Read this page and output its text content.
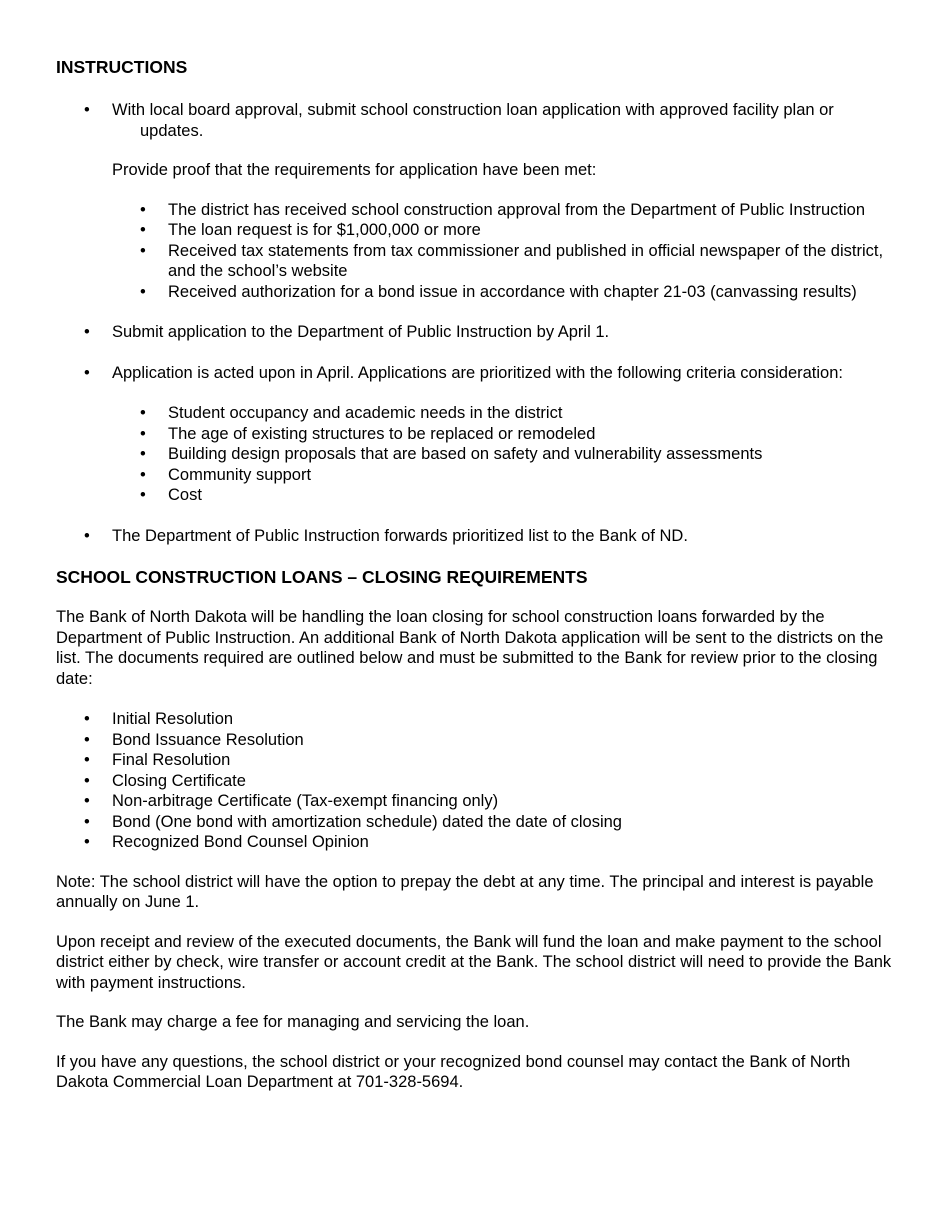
INSTRUCTIONS
With local board approval, submit school construction loan application with approved facility plan or updates.

Provide proof that the requirements for application have been met:

• The district has received school construction approval from the Department of Public Instruction
• The loan request is for $1,000,000 or more
• Received tax statements from tax commissioner and published in official newspaper of the district, and the school’s website
• Received authorization for a bond issue in accordance with chapter 21-03 (canvassing results)
Submit application to the Department of Public Instruction by April 1.
Application is acted upon in April. Applications are prioritized with the following criteria consideration:
• Student occupancy and academic needs in the district
• The age of existing structures to be replaced or remodeled
• Building design proposals that are based on safety and vulnerability assessments
• Community support
• Cost
The Department of Public Instruction forwards prioritized list to the Bank of ND.
SCHOOL CONSTRUCTION LOANS – CLOSING REQUIREMENTS

The Bank of North Dakota will be handling the loan closing for school construction loans forwarded by the Department of Public Instruction. An additional Bank of North Dakota application will be sent to the districts on the list. The documents required are outlined below and must be submitted to the Bank for review prior to the closing date:

Initial Resolution
Bond Issuance Resolution
Final Resolution
Closing Certificate
Non-arbitrage Certificate (Tax-exempt financing only)
Bond (One bond with amortization schedule) dated the date of closing
Recognized Bond Counsel Opinion

Note: The school district will have the option to prepay the debt at any time. The principal and interest is payable annually on June 1.

Upon receipt and review of the executed documents, the Bank will fund the loan and make payment to the school district either by check, wire transfer or account credit at the Bank. The school district will need to provide the Bank with payment instructions.

The Bank may charge a fee for managing and servicing the loan.

If you have any questions, the school district or your recognized bond counsel may contact the Bank of North Dakota Commercial Loan Department at 701-328-5694.
